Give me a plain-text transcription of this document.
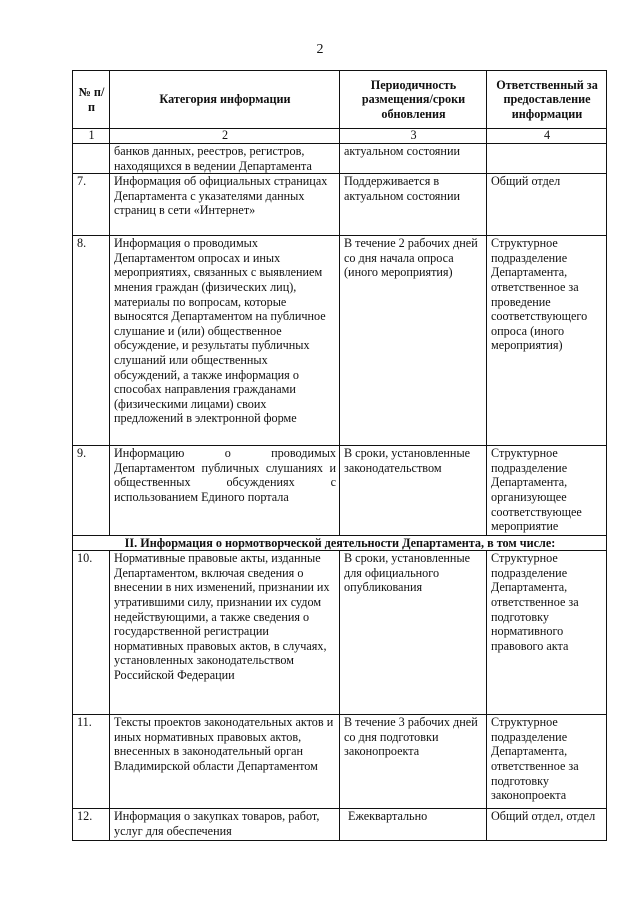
2
№ п/п	Категория информации	Периодичность размещения/сроки обновления	Ответственный за предоставление информации
1	2	3	4
	банков данных, реестров, регистров, находящихся в ведении Департамента	актуальном состоянии	
7.	Информация об официальных страницах Департамента с указателями данных страниц в сети «Интернет»	Поддерживается в актуальном состоянии	Общий отдел
8.	Информация о проводимых Департаментом опросах и иных мероприятиях, связанных с выявлением мнения граждан (физических лиц), материалы по вопросам, которые выносятся Департаментом на публичное слушание и (или) общественное обсуждение, и результаты публичных слушаний или общественных обсуждений, а также информация о способах направления гражданами (физическими лицами) своих предложений в электронной форме	В течение 2 рабочих дней со дня начала опроса (иного мероприятия)	Структурное подразделение Департамента, ответственное за проведение соответствующего опроса (иного мероприятия)
9.	Информацию о проводимых Департаментом публичных слушаниях и общественных обсуждениях с использованием Единого портала	В сроки, установленные законодательством	Структурное подразделение Департамента, организующее соответствующее мероприятие
II. Информация о нормотворческой деятельности Департамента, в том числе:			
10.	Нормативные правовые акты, изданные Департаментом, включая сведения о внесении в них изменений, признании их утратившими силу, признании их судом недействующими, а также сведения о государственной регистрации нормативных правовых актов, в случаях, установленных законодательством Российской Федерации	В сроки, установленные для официального опубликования	Структурное подразделение Департамента, ответственное за подготовку нормативного правового акта
11.	Тексты проектов законодательных актов и иных нормативных правовых актов, внесенных в законодательный орган Владимирской области Департаментом	В течение 3 рабочих дней со дня подготовки законопроекта	Структурное подразделение Департамента, ответственное за подготовку законопроекта
12.	Информация о закупках товаров, работ, услуг для обеспечения	Ежеквартально	Общий отдел, отдел
